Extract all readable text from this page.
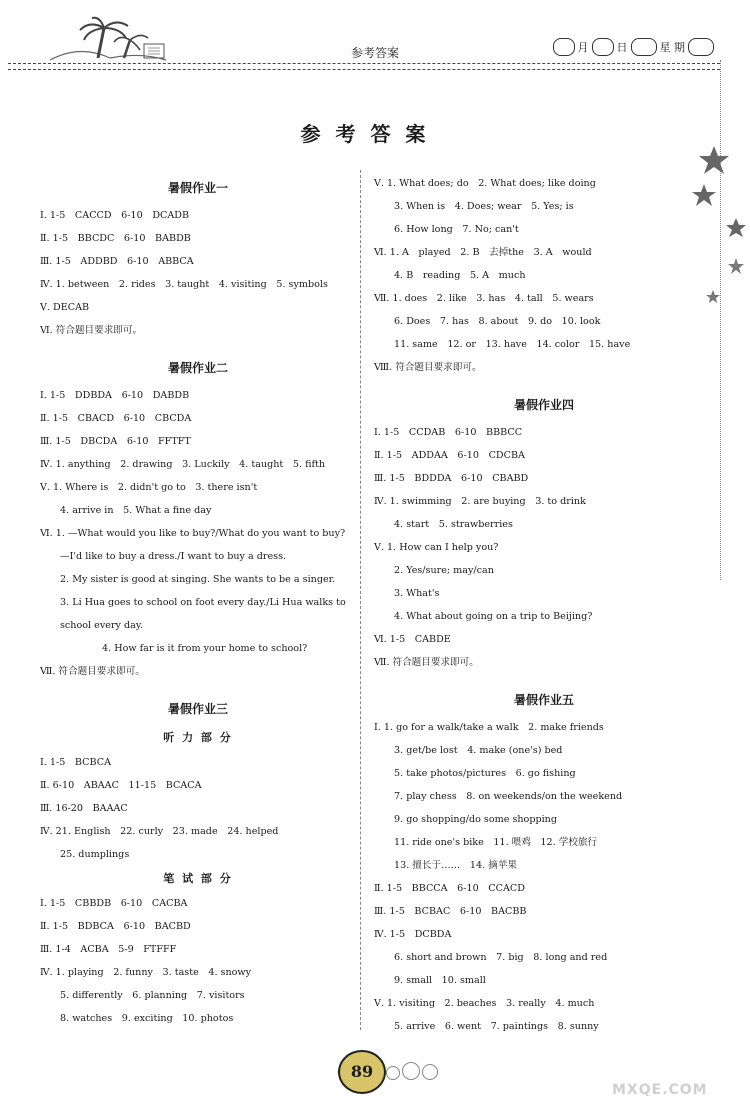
参考答案	月	日	星 期
参 考 答 案
暑假作业一
Ⅰ. 1-5　CACCD　6-10　DCADB
Ⅱ. 1-5　BBCDC　6-10　BABDB
Ⅲ. 1-5　ADDBD　6-10　ABBCA
Ⅳ. 1. between　2. rides　3. taught　4. visiting　5. symbols
Ⅴ. DECAB
Ⅵ. 符合题目要求即可。
暑假作业二
Ⅰ. 1-5　DDBDA　6-10　DABDB
Ⅱ. 1-5　CBACD　6-10　CBCDA
Ⅲ. 1-5　DBCDA　6-10　FFTFT
Ⅳ. 1. anything　2. drawing　3. Luckily　4. taught　5. fifth
Ⅴ. 1. Where is　2. didn't go to　3. there isn't
4. arrive in　5. What a fine day
Ⅵ. 1. —What would you like to buy?/What do you want to buy?
—I'd like to buy a dress./I want to buy a dress.
2. My sister is good at singing. She wants to be a singer.
3. Li Hua goes to school on foot every day./Li Hua walks to
school every day.
4. How far is it from your home to school?
Ⅶ. 符合题目要求即可。
暑假作业三
听 力 部 分
Ⅰ. 1-5　BCBCA
Ⅱ. 6-10　ABAAC　11-15　BCACA
Ⅲ. 16-20　BAAAC
Ⅳ. 21. English　22. curly　23. made　24. helped
25. dumplings
笔 试 部 分
Ⅰ. 1-5　CBBDB　6-10　CACBA
Ⅱ. 1-5　BDBCA　6-10　BACBD
Ⅲ. 1-4　ACBA　5-9　FTFFF
Ⅳ. 1. playing　2. funny　3. taste　4. snowy
5. differently　6. planning　7. visitors
8. watches　9. exciting　10. photos
Ⅴ. 1. What does; do　2. What does; like doing
3. When is　4. Does; wear　5. Yes; is
6. How long　7. No; can't
Ⅵ. 1. A　played　2. B　去掉the　3. A　would
4. B　reading　5. A　much
Ⅶ. 1. does　2. like　3. has　4. tall　5. wears
6. Does　7. has　8. about　9. do　10. look
11. same　12. or　13. have　14. color　15. have
Ⅷ. 符合题目要求即可。
暑假作业四
Ⅰ. 1-5　CCDAB　6-10　BBBCC
Ⅱ. 1-5　ADDAA　6-10　CDCBA
Ⅲ. 1-5　BDDDA　6-10　CBABD
Ⅳ. 1. swimming　2. are buying　3. to drink
4. start　5. strawberries
Ⅴ. 1. How can I help you?
2. Yes/sure; may/can
3. What's
4. What about going on a trip to Beijing?
Ⅵ. 1-5　CABDE
Ⅶ. 符合题目要求即可。
暑假作业五
Ⅰ. 1. go for a walk/take a walk　2. make friends
3. get/be lost　4. make (one's) bed
5. take photos/pictures　6. go fishing
7. play chess　8. on weekends/on the weekend
9. go shopping/do some shopping
11. ride one's bike　11. 喂鸡　12. 学校旅行
13. 擅长于……　14. 摘苹果
Ⅱ. 1-5　BBCCA　6-10　CCACD
Ⅲ. 1-5　BCBAC　6-10　BACBB
Ⅳ. 1-5　DCBDA
6. short and brown　7. big　8. long and red
9. small　10. small
Ⅴ. 1. visiting　2. beaches　3. really　4. much
5. arrive　6. went　7. paintings　8. sunny
89
MXQE.COM
